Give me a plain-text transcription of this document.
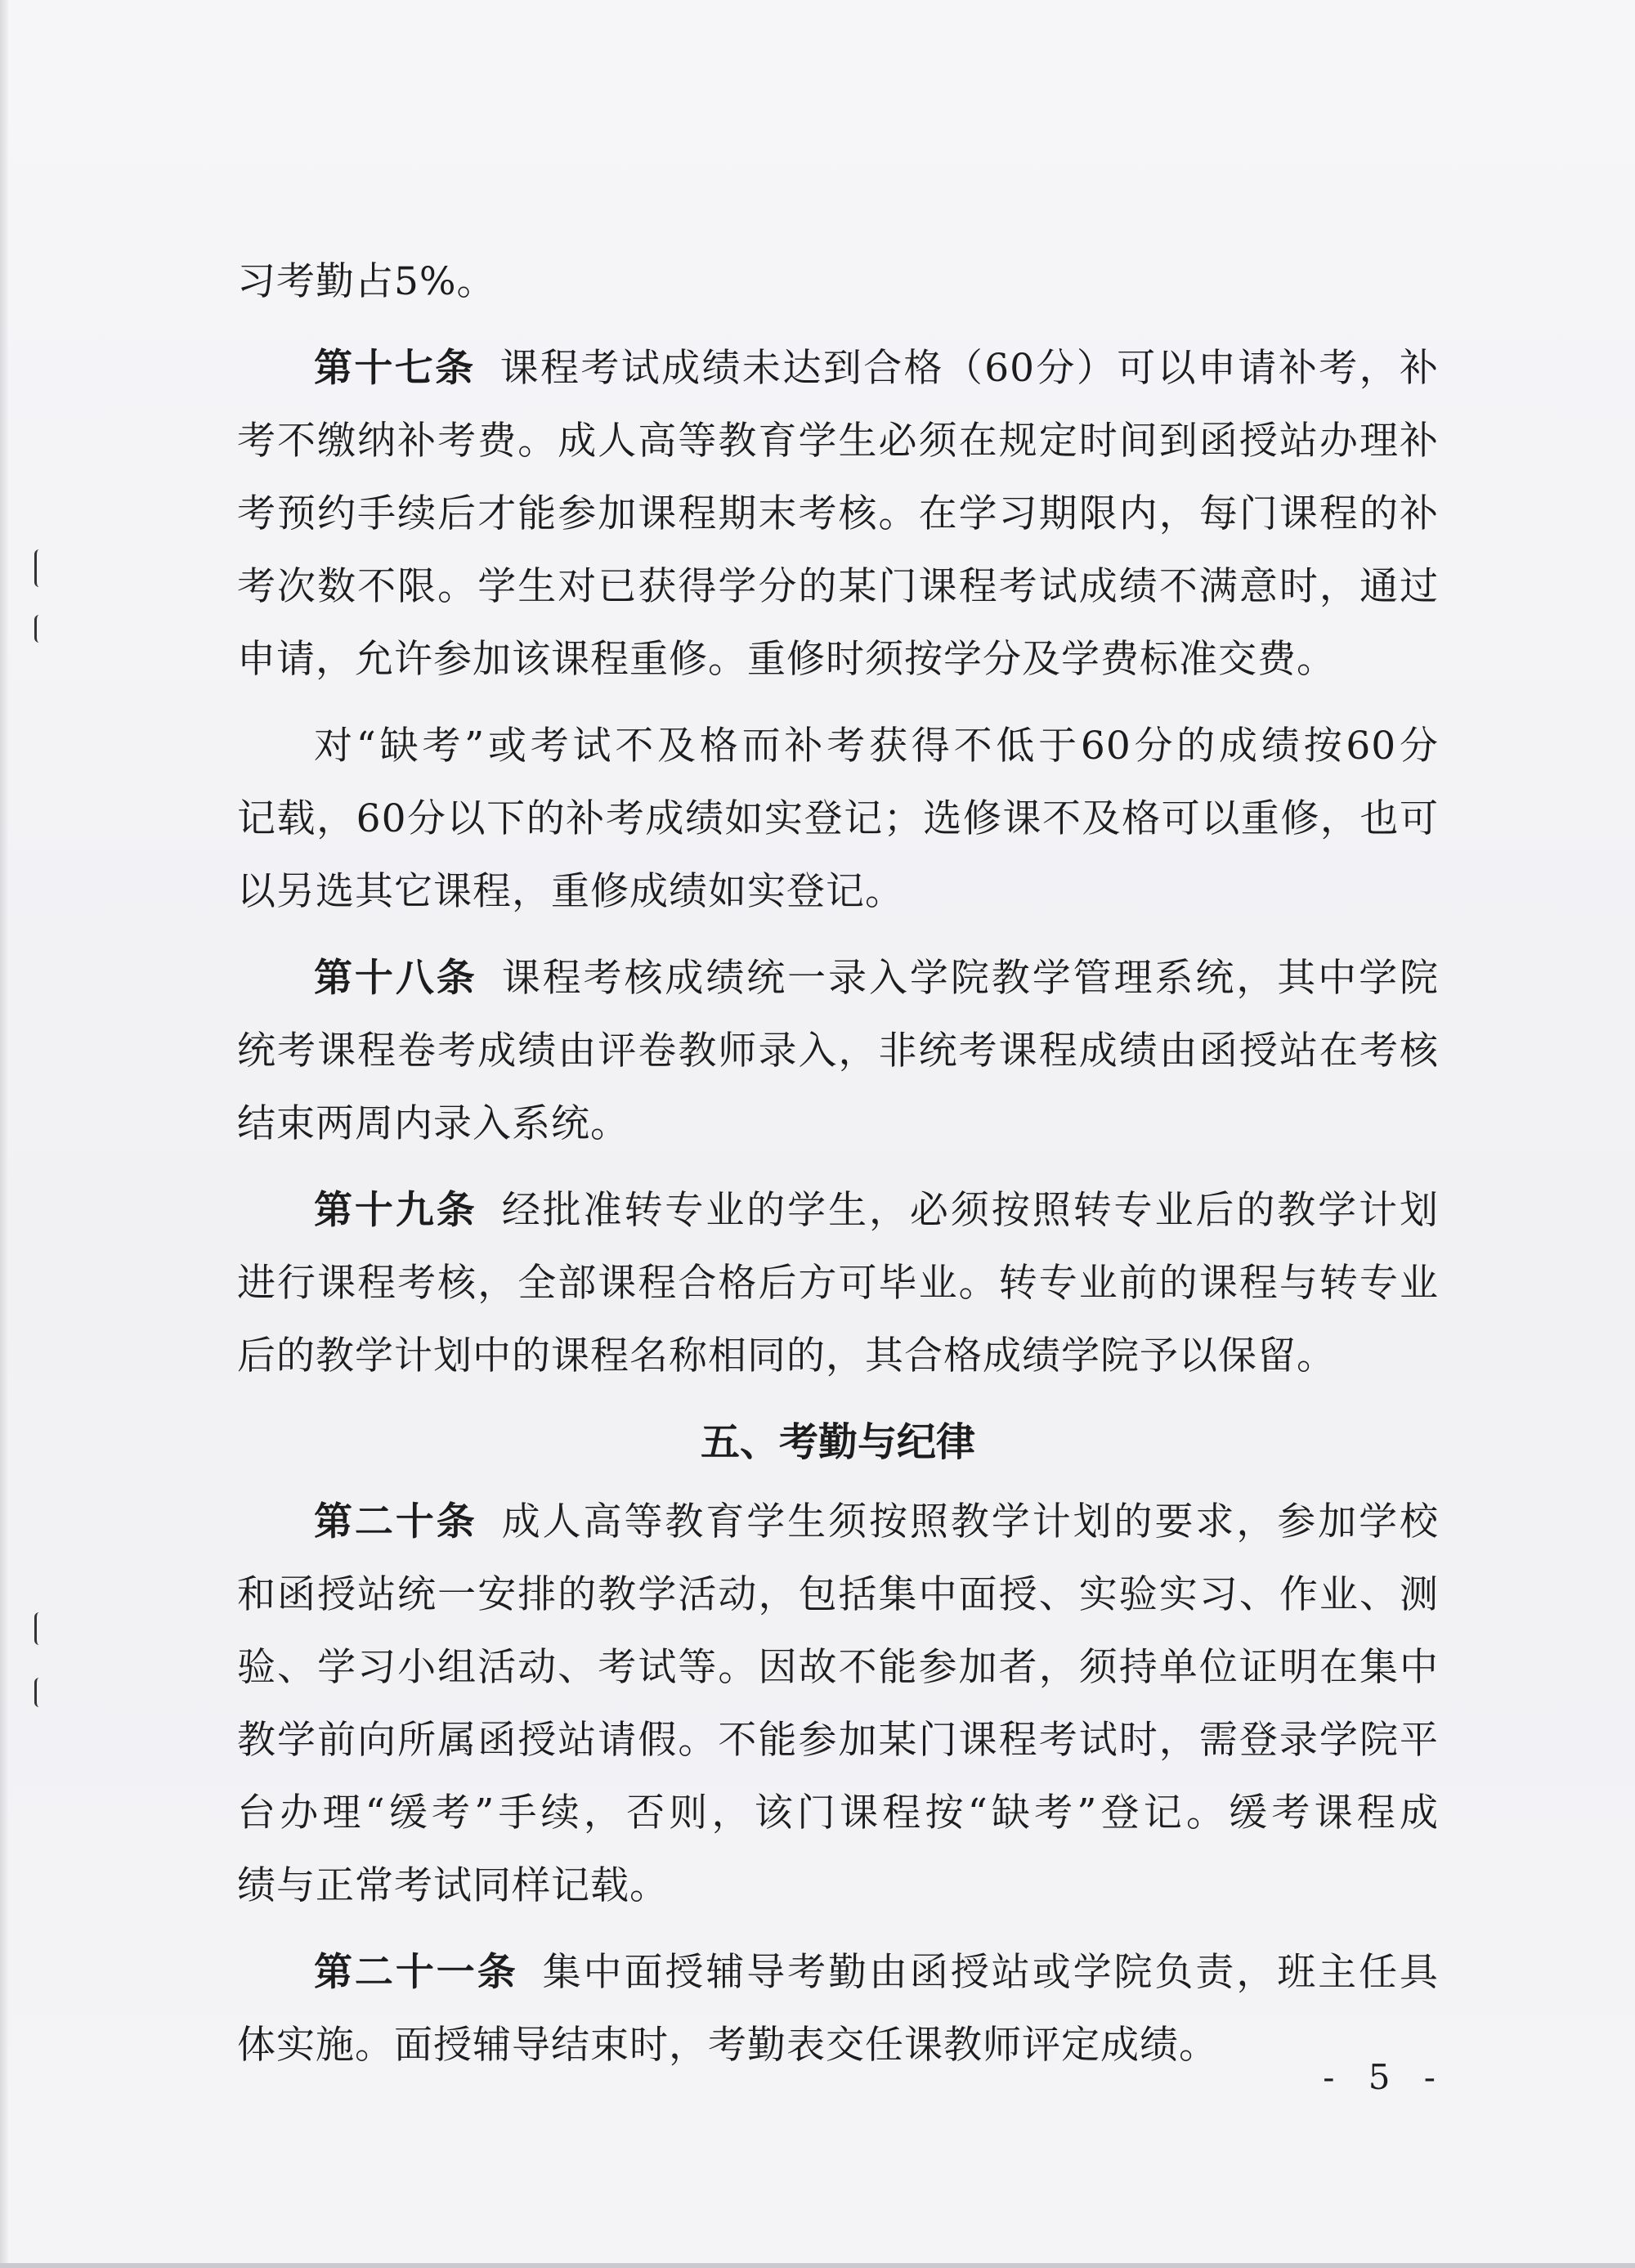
习考勤占5%。
第十七条 课程考试成绩未达到合格（60分）可以申请补考，补
考不缴纳补考费。成人高等教育学生必须在规定时间到函授站办理补
考预约手续后才能参加课程期末考核。在学习期限内，每门课程的补
考次数不限。学生对已获得学分的某门课程考试成绩不满意时，通过
申请，允许参加该课程重修。重修时须按学分及学费标准交费。
对“缺考”或考试不及格而补考获得不低于60分的成绩按60分
记载，60分以下的补考成绩如实登记；选修课不及格可以重修，也可
以另选其它课程，重修成绩如实登记。
第十八条 课程考核成绩统一录入学院教学管理系统，其中学院
统考课程卷考成绩由评卷教师录入，非统考课程成绩由函授站在考核
结束两周内录入系统。
第十九条 经批准转专业的学生，必须按照转专业后的教学计划
进行课程考核，全部课程合格后方可毕业。转专业前的课程与转专业
后的教学计划中的课程名称相同的，其合格成绩学院予以保留。
五、考勤与纪律
第二十条 成人高等教育学生须按照教学计划的要求，参加学校
和函授站统一安排的教学活动，包括集中面授、实验实习、作业、测
验、学习小组活动、考试等。因故不能参加者，须持单位证明在集中
教学前向所属函授站请假。不能参加某门课程考试时，需登录学院平
台办理“缓考”手续，否则，该门课程按“缺考”登记。缓考课程成
绩与正常考试同样记载。
第二十一条 集中面授辅导考勤由函授站或学院负责，班主任具
体实施。面授辅导结束时，考勤表交任课教师评定成绩。
- 5 -
